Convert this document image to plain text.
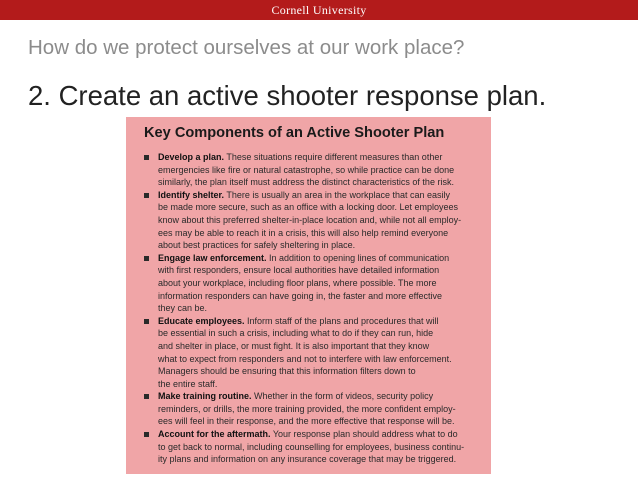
Cornell University
How do we protect ourselves at our work place?
2. Create an active shooter response plan.
Key Components of an Active Shooter Plan
Develop a plan. These situations require different measures than other
emergencies like fire or natural catastrophe, so while practice can be done
similarly, the plan itself must address the distinct characteristics of the risk.
Identify shelter. There is usually an area in the workplace that can easily
be made more secure, such as an office with a locking door. Let employees
know about this preferred shelter-in-place location and, while not all employ-
ees may be able to reach it in a crisis, this will also help remind everyone
about best practices for safely sheltering in place.
Engage law enforcement. In addition to opening lines of communication
with first responders, ensure local authorities have detailed information
about your workplace, including floor plans, where possible. The more
information responders can have going in, the faster and more effective
they can be.
Educate employees. Inform staff of the plans and procedures that will
be essential in such a crisis, including what to do if they can run, hide
and shelter in place, or must fight. It is also important that they know
what to expect from responders and not to interfere with law enforcement.
Managers should be ensuring that this information filters down to
the entire staff.
Make training routine. Whether in the form of videos, security policy
reminders, or drills, the more training provided, the more confident employ-
ees will feel in their response, and the more effective that response will be.
Account for the aftermath. Your response plan should address what to do
to get back to normal, including counselling for employees, business continu-
ity plans and information on any insurance coverage that may be triggered.
